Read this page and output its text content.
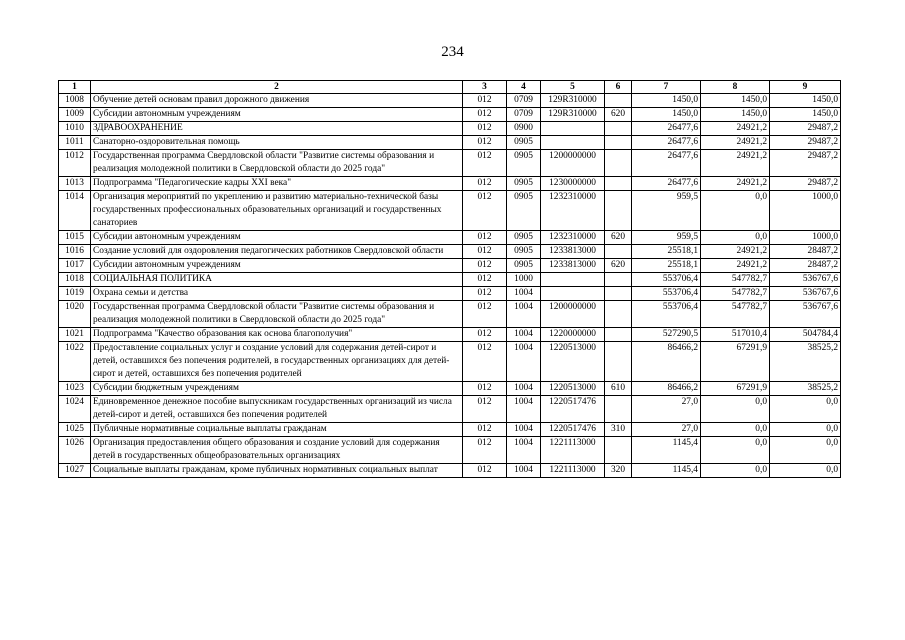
234
1	2	3	4	5	6	7	8	9
1008	Обучение детей основам правил дорожного движения	012	0709	129R310000		1450,0	1450,0	1450,0
1009	Субсидии автономным учреждениям	012	0709	129R310000	620	1450,0	1450,0	1450,0
1010	ЗДРАВООХРАНЕНИЕ	012	0900			26477,6	24921,2	29487,2
1011	Санаторно-оздоровительная помощь	012	0905			26477,6	24921,2	29487,2
1012	Государственная программа Свердловской области "Развитие системы образования и реализация молодежной политики в Свердловской области до 2025 года"	012	0905	1200000000		26477,6	24921,2	29487,2
1013	Подпрограмма "Педагогические кадры XXI века"	012	0905	1230000000		26477,6	24921,2	29487,2
1014	Организация мероприятий по укреплению и развитию материально-технической базы государственных профессиональных образовательных организаций и государственных санаториев	012	0905	1232310000		959,5	0,0	1000,0
1015	Субсидии автономным учреждениям	012	0905	1232310000	620	959,5	0,0	1000,0
1016	Создание условий для оздоровления педагогических работников Свердловской области	012	0905	1233813000		25518,1	24921,2	28487,2
1017	Субсидии автономным учреждениям	012	0905	1233813000	620	25518,1	24921,2	28487,2
1018	СОЦИАЛЬНАЯ ПОЛИТИКА	012	1000			553706,4	547782,7	536767,6
1019	Охрана семьи и детства	012	1004			553706,4	547782,7	536767,6
1020	Государственная программа Свердловской области "Развитие системы образования и реализация молодежной политики в Свердловской области до 2025 года"	012	1004	1200000000		553706,4	547782,7	536767,6
1021	Подпрограмма "Качество образования как основа благополучия"	012	1004	1220000000		527290,5	517010,4	504784,4
1022	Предоставление социальных услуг и создание условий для содержания детей-сирот и детей, оставшихся без попечения родителей, в государственных организациях для детей-сирот и детей, оставшихся без попечения родителей	012	1004	1220513000		86466,2	67291,9	38525,2
1023	Субсидии бюджетным учреждениям	012	1004	1220513000	610	86466,2	67291,9	38525,2
1024	Единовременное денежное пособие выпускникам государственных организаций из числа детей-сирот и детей, оставшихся без попечения родителей	012	1004	1220517476		27,0	0,0	0,0
1025	Публичные нормативные социальные выплаты гражданам	012	1004	1220517476	310	27,0	0,0	0,0
1026	Организация предоставления общего образования и создание условий для содержания детей в государственных общеобразовательных организациях	012	1004	1221113000		1145,4	0,0	0,0
1027	Социальные выплаты гражданам, кроме публичных нормативных социальных выплат	012	1004	1221113000	320	1145,4	0,0	0,0
